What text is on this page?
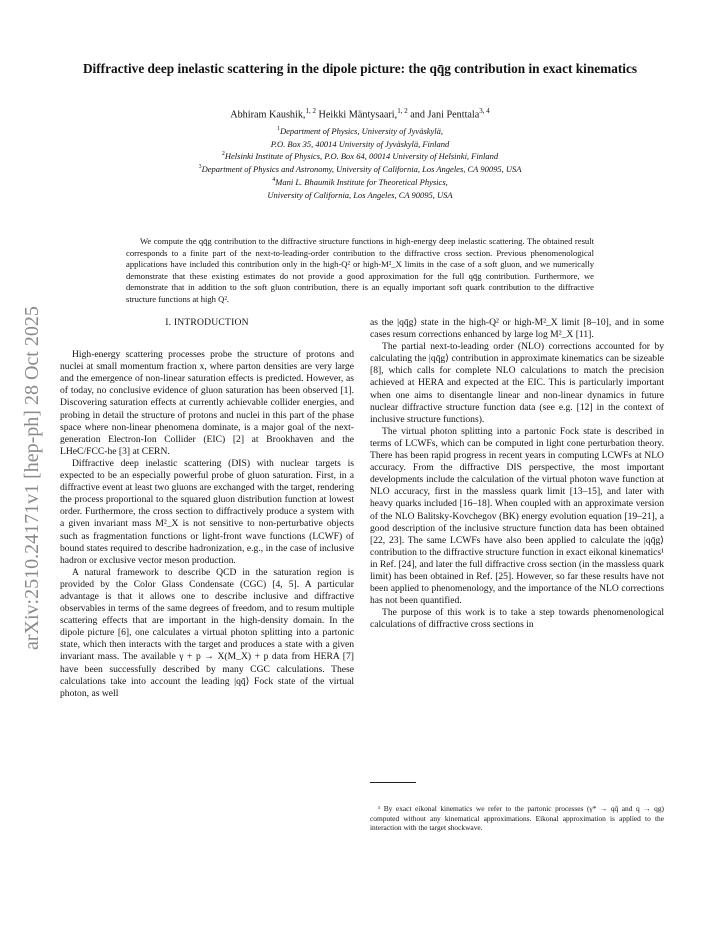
arXiv:2510.24171v1 [hep-ph] 28 Oct 2025
Diffractive deep inelastic scattering in the dipole picture: the qq̄g contribution in exact kinematics
Abhiram Kaushik,$^{1, 2}$ Heikki Mäntysaari,$^{1, 2}$ and Jani Penttala$^{3, 4}$
$^1$Department of Physics, University of Jyväskylä,
P.O. Box 35, 40014 University of Jyväskylä, Finland
$^2$Helsinki Institute of Physics, P.O. Box 64, 00014 University of Helsinki, Finland
$^3$Department of Physics and Astronomy, University of California, Los Angeles, CA 90095, USA
$^4$Mani L. Bhaumik Institute for Theoretical Physics,
University of California, Los Angeles, CA 90095, USA

We compute the qq̄g contribution to the diffractive structure functions in high-energy deep inelastic scattering. The obtained result corresponds to a finite part of the next-to-leading-order contribution to the diffractive cross section. Previous phenomenological applications have included this contribution only in the high-Q² or high-M²_X limits in the case of a soft gluon, and we numerically demonstrate that these existing estimates do not provide a good approximation for the full qq̄g contribution. Furthermore, we demonstrate that in addition to the soft gluon contribution, there is an equally important soft quark contribution to the diffractive structure functions at high Q².

I. INTRODUCTION

High-energy scattering processes probe the structure of protons and nuclei at small momentum fraction x, where parton densities are very large and the emergence of non-linear saturation effects is predicted. However, as of today, no conclusive evidence of gluon saturation has been observed [1]. Discovering saturation effects at currently achievable collider energies, and probing in detail the structure of protons and nuclei in this part of the phase space where non-linear phenomena dominate, is a major goal of the next-generation Electron-Ion Collider (EIC) [2] at Brookhaven and the LHeC/FCC-he [3] at CERN.

Diffractive deep inelastic scattering (DIS) with nuclear targets is expected to be an especially powerful probe of gluon saturation. First, in a diffractive event at least two gluons are exchanged with the target, rendering the process proportional to the squared gluon distribution function at lowest order. Furthermore, the cross section to diffractively produce a system with a given invariant mass M²_X is not sensitive to non-perturbative objects such as fragmentation functions or light-front wave functions (LCWF) of bound states required to describe hadronization, e.g., in the case of inclusive hadron or exclusive vector meson production.

A natural framework to describe QCD in the saturation region is provided by the Color Glass Condensate (CGC) [4, 5]. A particular advantage is that it allows one to describe inclusive and diffractive observables in terms of the same degrees of freedom, and to resum multiple scattering effects that are important in the high-density domain. In the dipole picture [6], one calculates a virtual photon splitting into a partonic state, which then interacts with the target and produces a state with a given invariant mass. The available γ + p → X(M_X) + p data from HERA [7] have been successfully described by many CGC calculations. These calculations take into account the leading |qq̄⟩ Fock state of the virtual photon, as well

as the |qq̄g⟩ state in the high-Q² or high-M²_X limit [8–10], and in some cases resum corrections enhanced by large log M²_X [11].

The partial next-to-leading order (NLO) corrections accounted for by calculating the |qq̄g⟩ contribution in approximate kinematics can be sizeable [8], which calls for complete NLO calculations to match the precision achieved at HERA and expected at the EIC. This is particularly important when one aims to disentangle linear and non-linear dynamics in future nuclear diffractive structure function data (see e.g. [12] in the context of inclusive structure functions).

The virtual photon splitting into a partonic Fock state is described in terms of LCWFs, which can be computed in light cone perturbation theory. There has been rapid progress in recent years in computing LCWFs at NLO accuracy. From the diffractive DIS perspective, the most important developments include the calculation of the virtual photon wave function at NLO accuracy, first in the massless quark limit [13–15], and later with heavy quarks included [16–18]. When coupled with an approximate version of the NLO Balitsky-Kovchegov (BK) energy evolution equation [19–21], a good description of the inclusive structure function data has been obtained [22, 23]. The same LCWFs have also been applied to calculate the |qq̄g⟩ contribution to the diffractive structure function in exact eikonal kinematics¹ in Ref. [24], and later the full diffractive cross section (in the massless quark limit) has been obtained in Ref. [25]. However, so far these results have not been applied to phenomenology, and the importance of the NLO corrections has not been quantified.

The purpose of this work is to take a step towards phenomenological calculations of diffractive cross sections in

¹ By exact eikonal kinematics we refer to the partonic processes (γ* → qq̄ and q → qg) computed without any kinematical approximations. Eikonal approximation is applied to the interaction with the target shockwave.
